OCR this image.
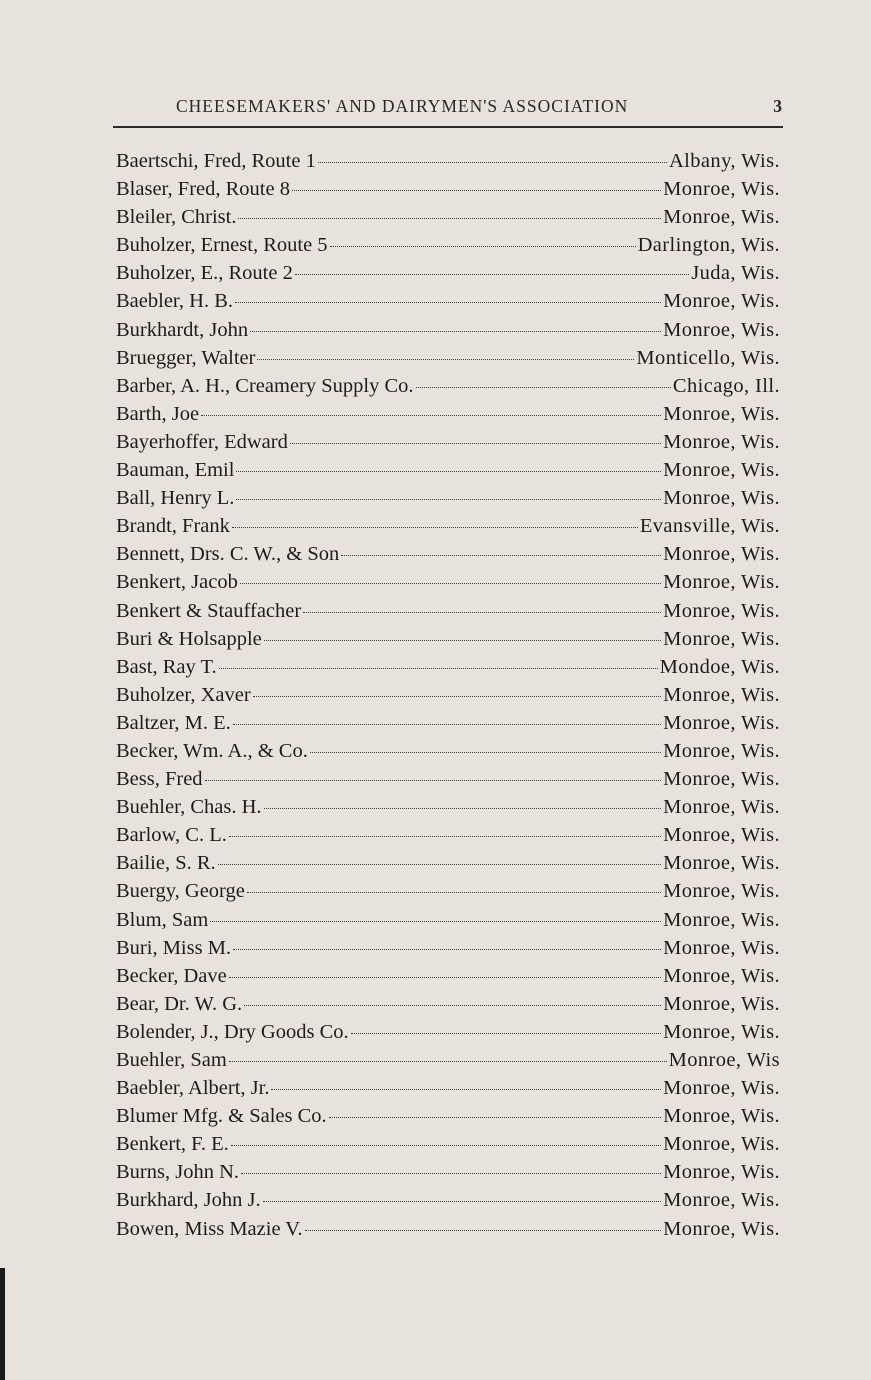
CHEESEMAKERS' AND DAIRYMEN'S ASSOCIATION	3
Baertschi, Fred, Route 1	Albany, Wis.
Blaser, Fred, Route 8	Monroe, Wis.
Bleiler, Christ.	Monroe, Wis.
Buholzer, Ernest, Route 5	Darlington, Wis.
Buholzer, E., Route 2	Juda, Wis.
Baebler, H. B.	Monroe, Wis.
Burkhardt, John	Monroe, Wis.
Bruegger, Walter	Monticello, Wis.
Barber, A. H., Creamery Supply Co.	Chicago, Ill.
Barth, Joe	Monroe, Wis.
Bayerhoffer, Edward	Monroe, Wis.
Bauman, Emil	Monroe, Wis.
Ball, Henry L.	Monroe, Wis.
Brandt, Frank	Evansville, Wis.
Bennett, Drs. C. W., & Son	Monroe, Wis.
Benkert, Jacob	Monroe, Wis.
Benkert & Stauffacher	Monroe, Wis.
Buri & Holsapple	Monroe, Wis.
Bast, Ray T.	Mondoe, Wis.
Buholzer, Xaver	Monroe, Wis.
Baltzer, M. E.	Monroe, Wis.
Becker, Wm. A., & Co.	Monroe, Wis.
Bess, Fred	Monroe, Wis.
Buehler, Chas. H.	Monroe, Wis.
Barlow, C. L.	Monroe, Wis.
Bailie, S. R.	Monroe, Wis.
Buergy, George	Monroe, Wis.
Blum, Sam	Monroe, Wis.
Buri, Miss M.	Monroe, Wis.
Becker, Dave	Monroe, Wis.
Bear, Dr. W. G.	Monroe, Wis.
Bolender, J., Dry Goods Co.	Monroe, Wis.
Buehler, Sam	Monroe, Wis
Baebler, Albert, Jr.	Monroe, Wis.
Blumer Mfg. & Sales Co.	Monroe, Wis.
Benkert, F. E.	Monroe, Wis.
Burns, John N.	Monroe, Wis.
Burkhard, John J.	Monroe, Wis.
Bowen, Miss Mazie V.	Monroe, Wis.
